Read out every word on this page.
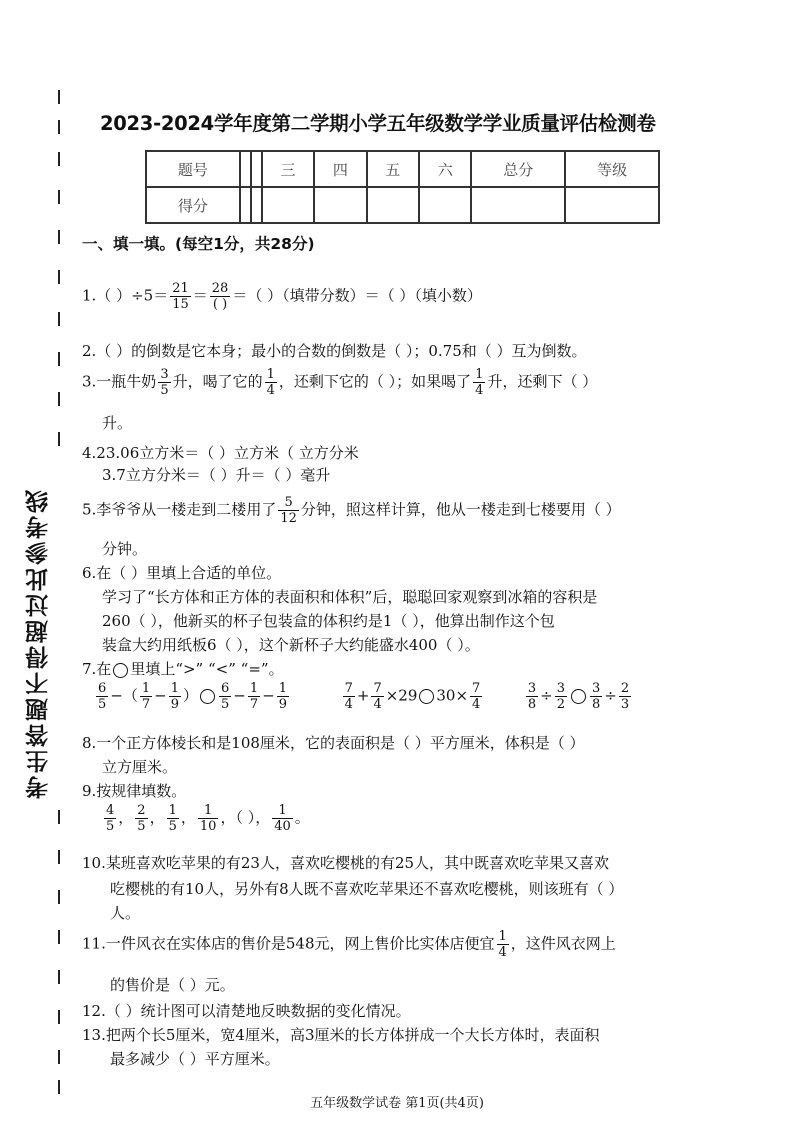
考生答题不得超过此参考线
2023-2024学年度第二学期小学五年级数学学业质量评估检测卷
题号			三	四	五	六	总分	等级
得分								
一、填一填。(每空1分，共28分)
1.（ ）$\div 5= \frac{21}{15} = \frac{28}{( )}$ ＝（ ）（填带分数）＝（ ）（填小数）
2.（ ）的倒数是它本身；最小的合数的倒数是（ ）；0.75和（ ）互为倒数。
3.一瓶牛奶 $\frac{3}{5}$ 升，喝了它的 $\frac{1}{4}$ ，还剩下它的（ ）；如果喝了 $\frac{1}{4}$ 升，还剩下（ ）
升。
4.23.06立方米＝（ ）立方米（ 立方分米
3.7立方分米＝（ ）升＝（ ）毫升
5.李爷爷从一楼走到二楼用了 $\frac{5}{12}$ 分钟，照这样计算，他从一楼走到七楼要用（ ）
分钟。
6.在（ ）里填上合适的单位。
学习了“长方体和正方体的表面积和体积”后，聪聪回家观察到冰箱的容积是
260（ ），他新买的杯子包装盒的体积约是1（ ），他算出制作这个包
装盒大约用纸板6（ ），这个新杯子大约能盛水400（ ）。
7.在 里填上“>” “<” “=”。
$\frac{6}{5}$ −（ $\frac{1}{7} - \frac{1}{9}$ ） $\frac{6}{5} - \frac{1}{7} - \frac{1}{9}$
	$\frac{7}{4} + \frac{7}{4} \times 29$ $30\times \frac{7}{4}$
	$\frac{3}{8} \div \frac{3}{2} \frac{3}{8} \div \frac{2}{3}$
8.一个正方体棱长和是108厘米，它的表面积是（ ）平方厘米，体积是（ ）
立方厘米。
9.按规律填数。
$\frac{4}{5}$ ， $\frac{2}{5}$ ， $\frac{1}{5}$ ， $\frac{1}{10}$ ，（ ）， $\frac{1}{40}$ 。
10.某班喜欢吃苹果的有23人，喜欢吃樱桃的有25人，其中既喜欢吃苹果又喜欢
吃樱桃的有10人，另外有8人既不喜欢吃苹果还不喜欢吃樱桃，则该班有（ ）
人。
11.一件风衣在实体店的售价是548元，网上售价比实体店便宜 $\frac{1}{4}$ ，这件风衣网上
的售价是（ ）元。
12.（ ）统计图可以清楚地反映数据的变化情况。
13.把两个长5厘米，宽4厘米，高3厘米的长方体拼成一个大长方体时，表面积
最多减少（ ）平方厘米。
五年级数学试卷 第1页(共4页)
